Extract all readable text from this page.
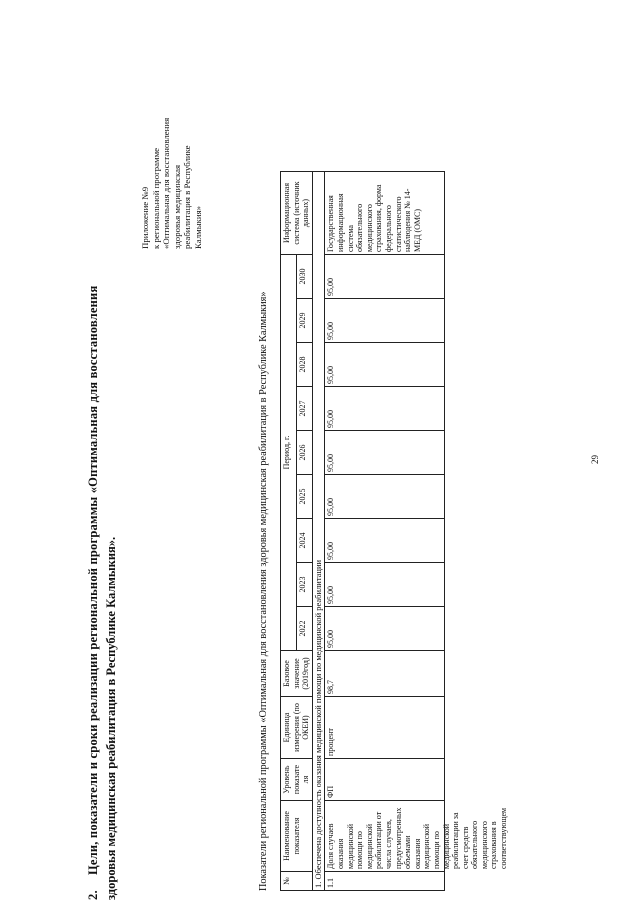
2.
Цели, показатели и сроки реализации региональной программы «Оптимальная для восстановления здоровья медицинская реабилитация в Республике Калмыкия».
Приложение №9 к региональной программе «Оптимальная для восстановления здоровья медицинская реабилитация в Республике Калмыкия»
Показатели региональной программы «Оптимальная для восстановления здоровья медицинская реабилитация в Республике Калмыкия» №	Наименование показателя	Уровень показате ля	Единица измерения (по ОКЕИ)	Базовое значение (2019год)	Период, г.									Информационная система (источник данных)
					2022	2023	2024	2025	2026	2027	2028	2029	2030	
1. Обеспечена доступность оказания медицинской помощи по медицинской реабилитации														
1.1	Доля случаев оказания медицинской помощи по медицинской реабилитации от числа случаев, предусмотренных объемами оказания медицинской помощи по медицинской реабилитации за счет средств обязательного медицинского страхования в соответствующем	ФП	процент	98,7	95,00	95,00	95,00	95,00	95,00	95,00	95,00	95,00	95,00	Государственная информационная система обязательного медицинского страхования, форма федерального статистического наблюдения № 14-МЕД (ОМС)
29
